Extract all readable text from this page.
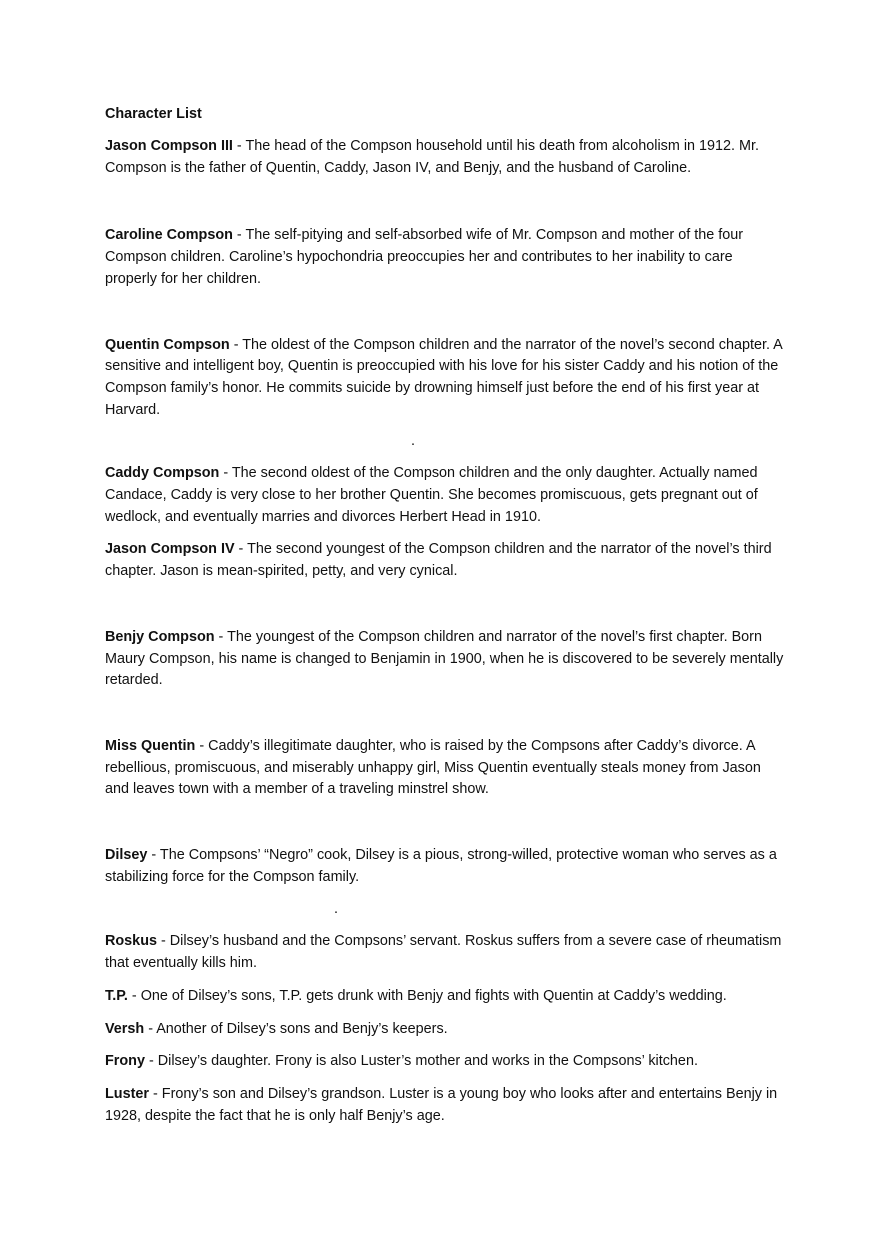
Character List

Jason Compson III - The head of the Compson household until his death from alcoholism in 1912. Mr. Compson is the father of Quentin, Caddy, Jason IV, and Benjy, and the husband of Caroline.

Caroline Compson - The self-pitying and self-absorbed wife of Mr. Compson and mother of the four Compson children. Caroline’s hypochondria preoccupies her and contributes to her inability to care properly for her children.

Quentin Compson - The oldest of the Compson children and the narrator of the novel’s second chapter. A sensitive and intelligent boy, Quentin is preoccupied with his love for his sister Caddy and his notion of the Compson family’s honor. He commits suicide by drowning himself just before the end of his first year at Harvard.

.

Caddy Compson - The second oldest of the Compson children and the only daughter. Actually named Candace, Caddy is very close to her brother Quentin. She becomes promiscuous, gets pregnant out of wedlock, and eventually marries and divorces Herbert Head in 1910.

Jason Compson IV - The second youngest of the Compson children and the narrator of the novel’s third chapter. Jason is mean-spirited, petty, and very cynical.

Benjy Compson - The youngest of the Compson children and narrator of the novel’s first chapter. Born Maury Compson, his name is changed to Benjamin in 1900, when he is discovered to be severely mentally retarded.

Miss Quentin - Caddy’s illegitimate daughter, who is raised by the Compsons after Caddy’s divorce. A rebellious, promiscuous, and miserably unhappy girl, Miss Quentin eventually steals money from Jason and leaves town with a member of a traveling minstrel show.

Dilsey - The Compsons’ “Negro” cook, Dilsey is a pious, strong-willed, protective woman who serves as a stabilizing force for the Compson family.

.

Roskus - Dilsey’s husband and the Compsons’ servant. Roskus suffers from a severe case of rheumatism that eventually kills him.

T.P. - One of Dilsey’s sons, T.P. gets drunk with Benjy and fights with Quentin at Caddy’s wedding.

Versh - Another of Dilsey’s sons and Benjy’s keepers.

Frony - Dilsey’s daughter. Frony is also Luster’s mother and works in the Compsons’ kitchen.

Luster - Frony’s son and Dilsey’s grandson. Luster is a young boy who looks after and entertains Benjy in 1928, despite the fact that he is only half Benjy’s age.
